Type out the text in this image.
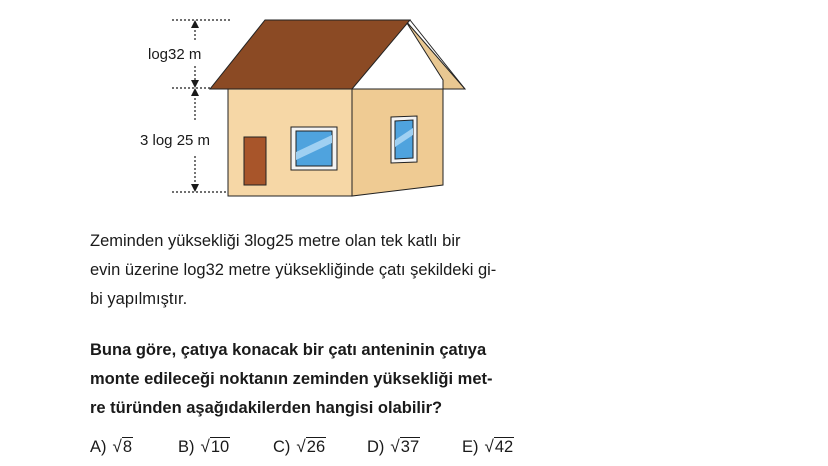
log32 m
3 log 25 m

Zeminden yüksekliği 3log25 metre olan tek katlı bir
evin üzerine log32 metre yüksekliğinde çatı şekildeki gi-
bi yapılmıştır.

Buna göre, çatıya konacak bir çatı anteninin çatıya
monte edileceği noktanın zeminden yüksekliği met-
re türünden aşağıdakilerden hangisi olabilir?

A) √8	B) √10	C) √26	D) √37	E) √42
